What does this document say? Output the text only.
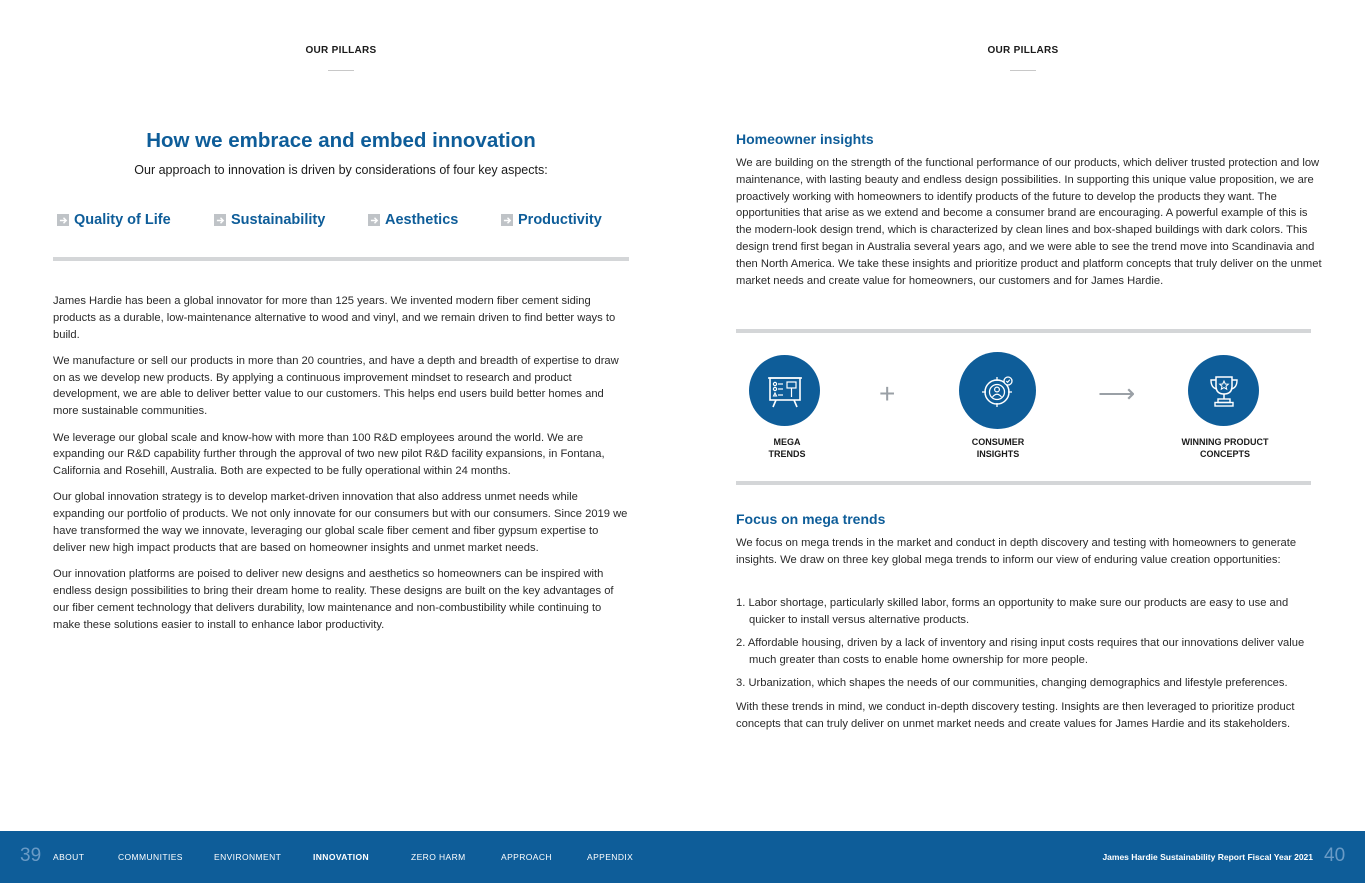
OUR PILLARS	OUR PILLARS
How we embrace and embed innovation
Our approach to innovation is driven by considerations of four key aspects:
Quality of Life	Sustainability	Aesthetics	Productivity

James Hardie has been a global innovator for more than 125 years. We invented modern fiber cement siding products as a durable, low-maintenance alternative to wood and vinyl, and we remain driven to find better ways to build.

We manufacture or sell our products in more than 20 countries, and have a depth and breadth of expertise to draw on as we develop new products. By applying a continuous improvement mindset to research and product development, we are able to deliver better value to our customers. This helps end users build better homes and more sustainable communities.

We leverage our global scale and know-how with more than 100 R&D employees around the world. We are expanding our R&D capability further through the approval of two new pilot R&D facility expansions, in Fontana, California and Rosehill, Australia. Both are expected to be fully operational within 24 months.

Our global innovation strategy is to develop market-driven innovation that also address unmet needs while expanding our portfolio of products. We not only innovate for our consumers but with our consumers. Since 2019 we have transformed the way we innovate, leveraging our global scale fiber cement and fiber gypsum expertise to deliver new high impact products that are based on homeowner insights and unmet market needs.

Our innovation platforms are poised to deliver new designs and aesthetics so homeowners can be inspired with endless design possibilities to bring their dream home to reality. These designs are built on the key advantages of our fiber cement technology that delivers durability, low maintenance and non-combustibility while continuing to make these solutions easier to install to enhance labor productivity.

Homeowner insights
We are building on the strength of the functional performance of our products, which deliver trusted protection and low maintenance, with lasting beauty and endless design possibilities. In supporting this unique value proposition, we are proactively working with homeowners to identify products of the future to develop the products they want. The opportunities that arise as we extend and become a consumer brand are encouraging. A powerful example of this is the modern-look design trend, which is characterized by clean lines and box-shaped buildings with dark colors. This design trend first began in Australia several years ago, and we were able to see the trend move into Scandinavia and then North America. We take these insights and prioritize product and platform concepts that truly deliver on the unmet market needs and create value for homeowners, our customers and for James Hardie.
+	⟶
MEGA
TRENDS
CONSUMER
INSIGHTS
WINNING PRODUCT
CONCEPTS
Focus on mega trends
We focus on mega trends in the market and conduct in depth discovery and testing with homeowners to generate insights. We draw on three key global mega trends to inform our view of enduring value creation opportunities:
1. Labor shortage, particularly skilled labor, forms an opportunity to make sure our products are easy to use and quicker to install versus alternative products.
2. Affordable housing, driven by a lack of inventory and rising input costs requires that our innovations deliver value much greater than costs to enable home ownership for more people.
3. Urbanization, which shapes the needs of our communities, changing demographics and lifestyle preferences.
With these trends in mind, we conduct in-depth discovery testing. Insights are then leveraged to prioritize product concepts that can truly deliver on unmet market needs and create values for James Hardie and its stakeholders.
39 ABOUT	COMMUNITIES	ENVIRONMENT	INNOVATION	ZERO HARM	APPROACH	APPENDIX	James Hardie Sustainability Report Fiscal Year 2021 40
